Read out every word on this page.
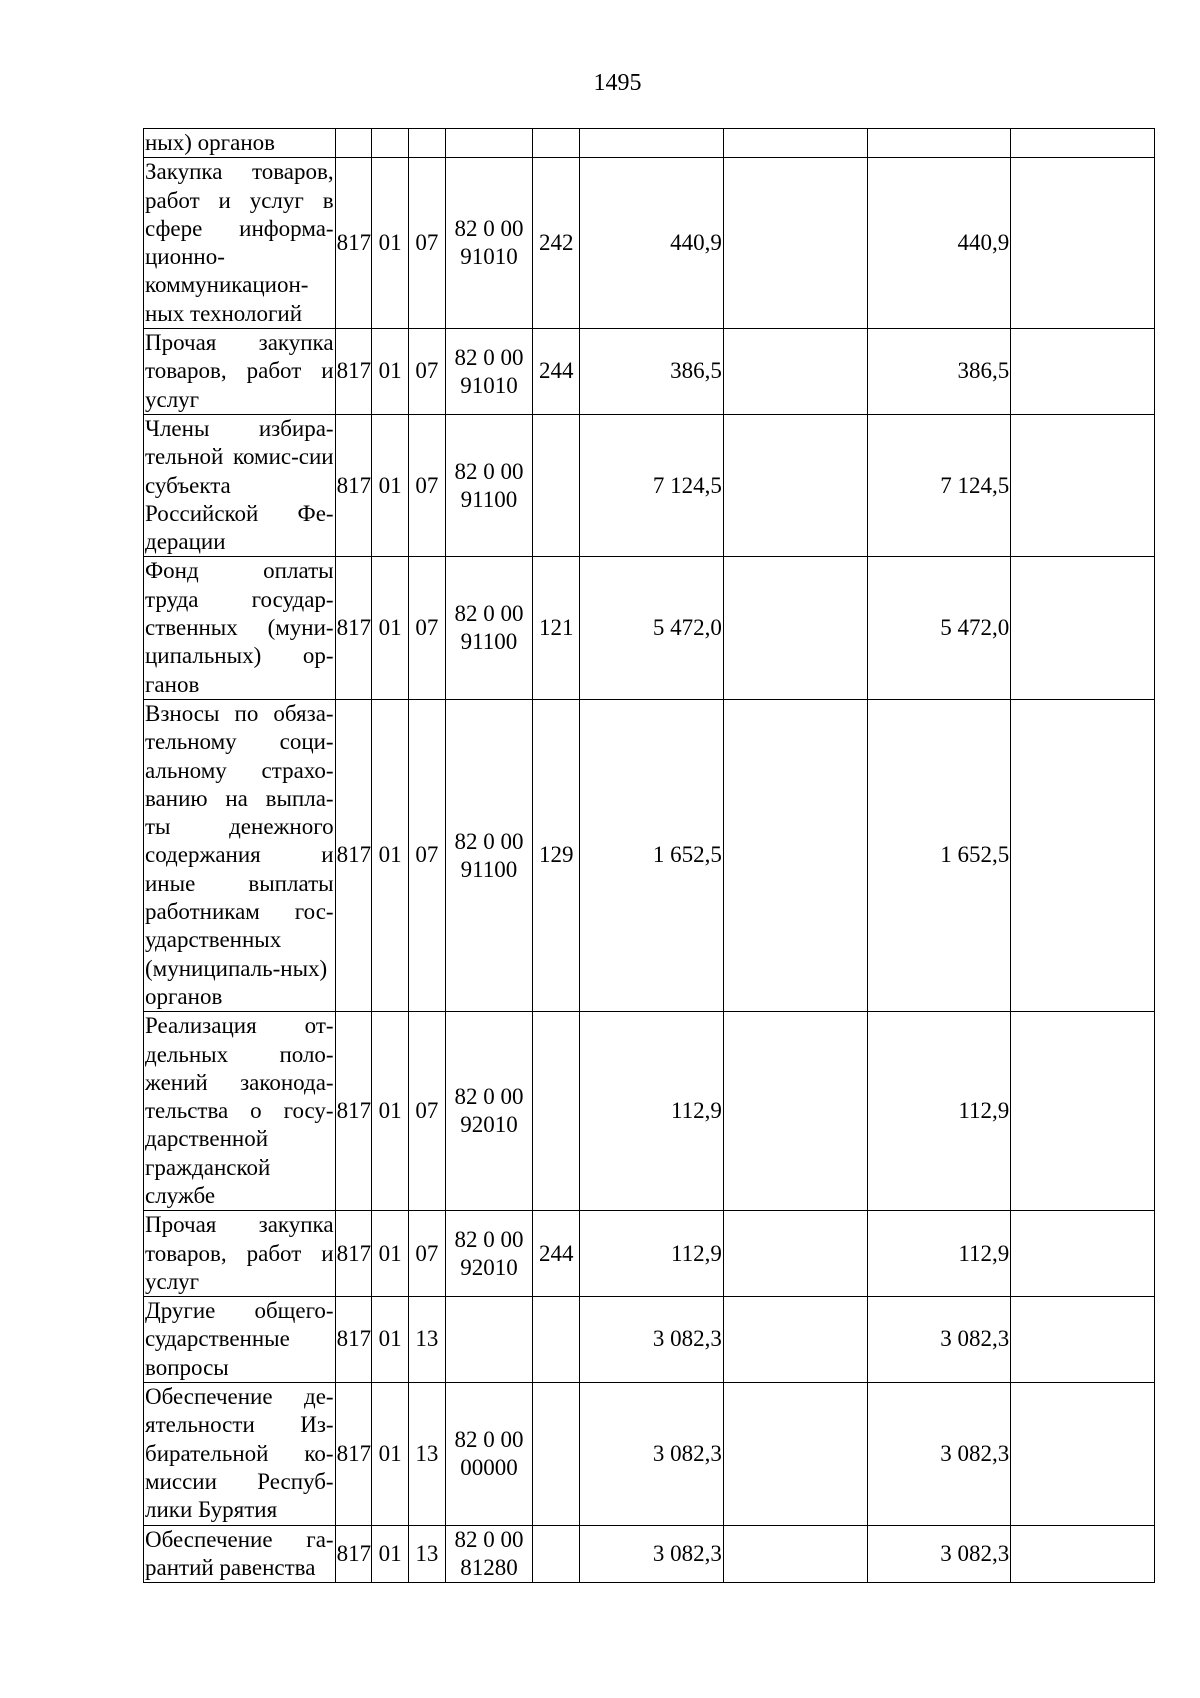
1495
ных) органов									
Закупка товаров, работ и услуг в сфере информа-ционно-коммуникацион-ных технологий	817	01	07	82 0 00 91010	242	440,9		440,9	
Прочая закупка товаров, работ и услуг	817	01	07	82 0 00 91010	244	386,5		386,5	
Члены избира-тельной комис-сии субъекта Российской Фе-дерации	817	01	07	82 0 00 91100		7 124,5		7 124,5	
Фонд оплаты труда государ-ственных (муни-ципальных) ор-ганов	817	01	07	82 0 00 91100	121	5 472,0		5 472,0	
Взносы по обяза-тельному соци-альному страхо-ванию на выпла-ты денежного содержания и иные выплаты работникам гос-ударственных (муниципаль-ных) органов	817	01	07	82 0 00 91100	129	1 652,5		1 652,5	
Реализация от-дельных поло-жений законода-тельства о госу-дарственной гражданской службе	817	01	07	82 0 00 92010		112,9		112,9	
Прочая закупка товаров, работ и услуг	817	01	07	82 0 00 92010	244	112,9		112,9	
Другие общего-сударственные вопросы	817	01	13			3 082,3		3 082,3	
Обеспечение де-ятельности Из-бирательной ко-миссии Респуб-лики Бурятия	817	01	13	82 0 00 00000		3 082,3		3 082,3	
Обеспечение га-рантий равенства	817	01	13	82 0 00 81280		3 082,3		3 082,3	
